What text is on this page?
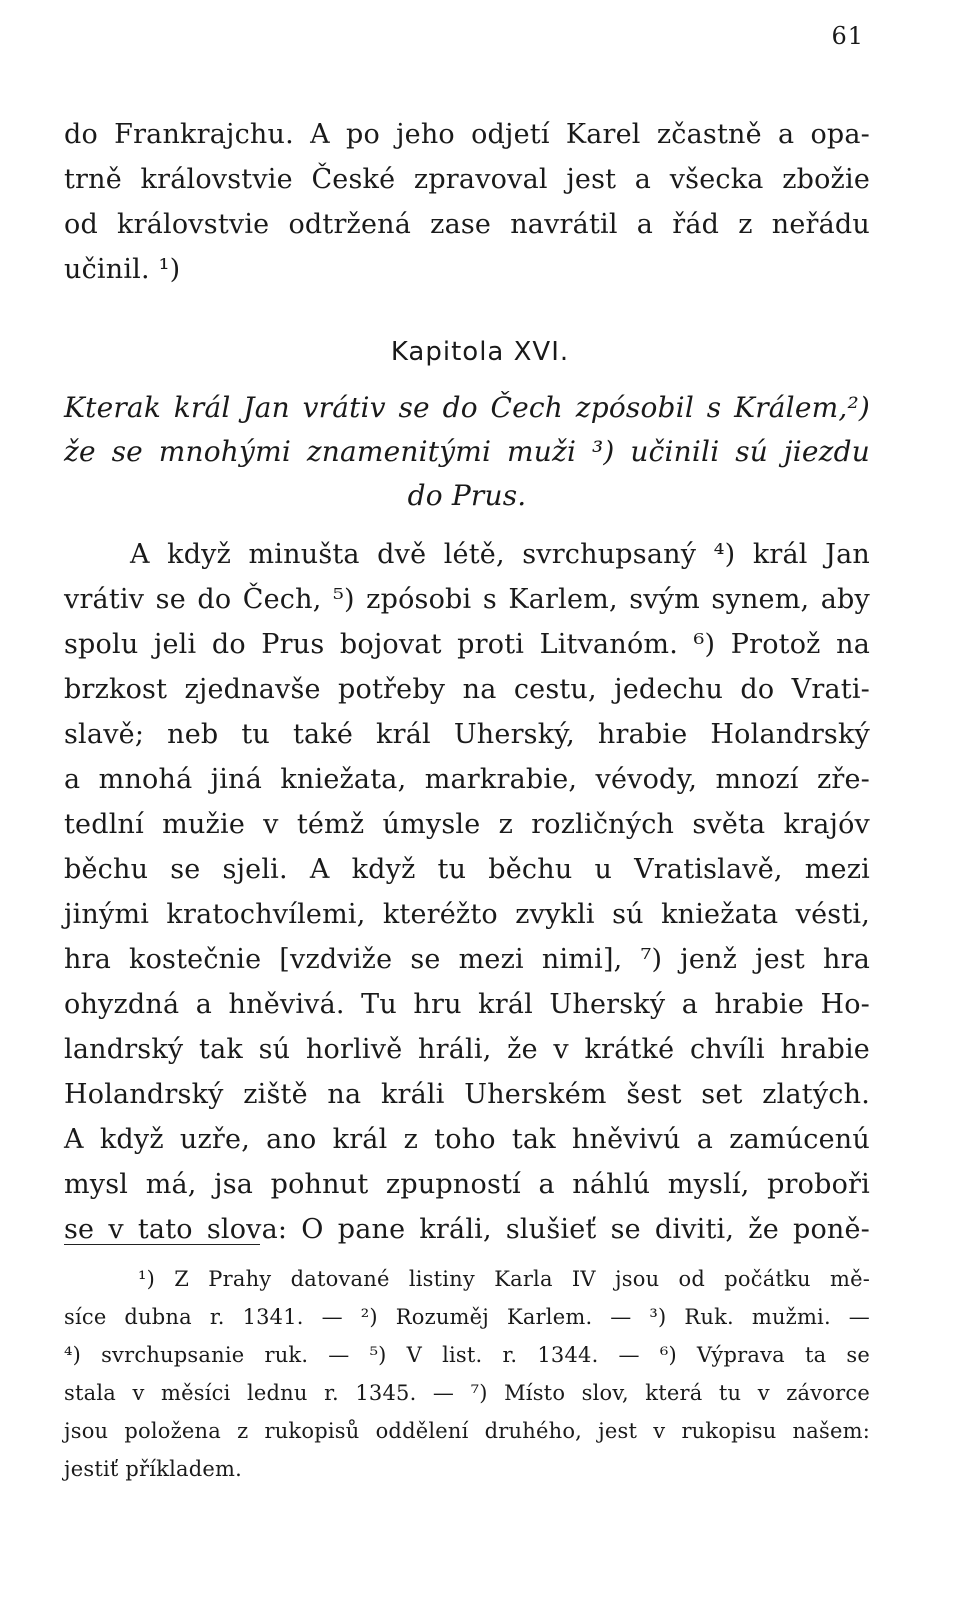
61
do Frankrajchu. A po jeho odjetí Karel zčastně a opa-
trně královstvie České zpravoval jest a všecka zbožie
od královstvie odtržená zase navrátil a řád z neřádu
učinil. ¹)
Kapitola XVI.
Kterak král Jan vrátiv se do Čech zpósobil s Králem,²)
že se mnohými znamenitými muži ³) učinili sú jiezdu
do Prus.
A když minušta dvě létě, svrchupsaný ⁴) král Jan
vrátiv se do Čech, ⁵) zpósobi s Karlem, svým synem, aby
spolu jeli do Prus bojovat proti Litvanóm. ⁶) Protož na
brzkost zjednavše potřeby na cestu, jedechu do Vrati-
slavě; neb tu také král Uherský, hrabie Holandrský
a mnohá jiná kniežata, markrabie, vévody, mnozí zře-
tedlní mužie v témž úmysle z rozličných světa krajóv
běchu se sjeli. A když tu běchu u Vratislavě, mezi
jinými kratochvílemi, kteréžto zvykli sú kniežata vésti,
hra kostečnie [vzdviže se mezi nimi], ⁷) jenž jest hra
ohyzdná a hněvivá. Tu hru král Uherský a hrabie Ho-
landrský tak sú horlivě hráli, že v krátké chvíli hrabie
Holandrský ziště na králi Uherském šest set zlatých.
A když uzře, ano král z toho tak hněvivú a zamúcenú
mysl má, jsa pohnut zpupností a náhlú myslí, proboři
se v tato slova: O pane králi, slušieť se diviti, že poně-
¹) Z Prahy datované listiny Karla IV jsou od počátku mě-
síce dubna r. 1341. — ²) Rozuměj Karlem. — ³) Ruk. mužmi. —
⁴) svrchupsanie ruk. — ⁵) V list. r. 1344. — ⁶) Výprava ta se
stala v měsíci lednu r. 1345. — ⁷) Místo slov, která tu v závorce
jsou položena z rukopisů oddělení druhého, jest v rukopisu našem:
jestiť příkladem.
